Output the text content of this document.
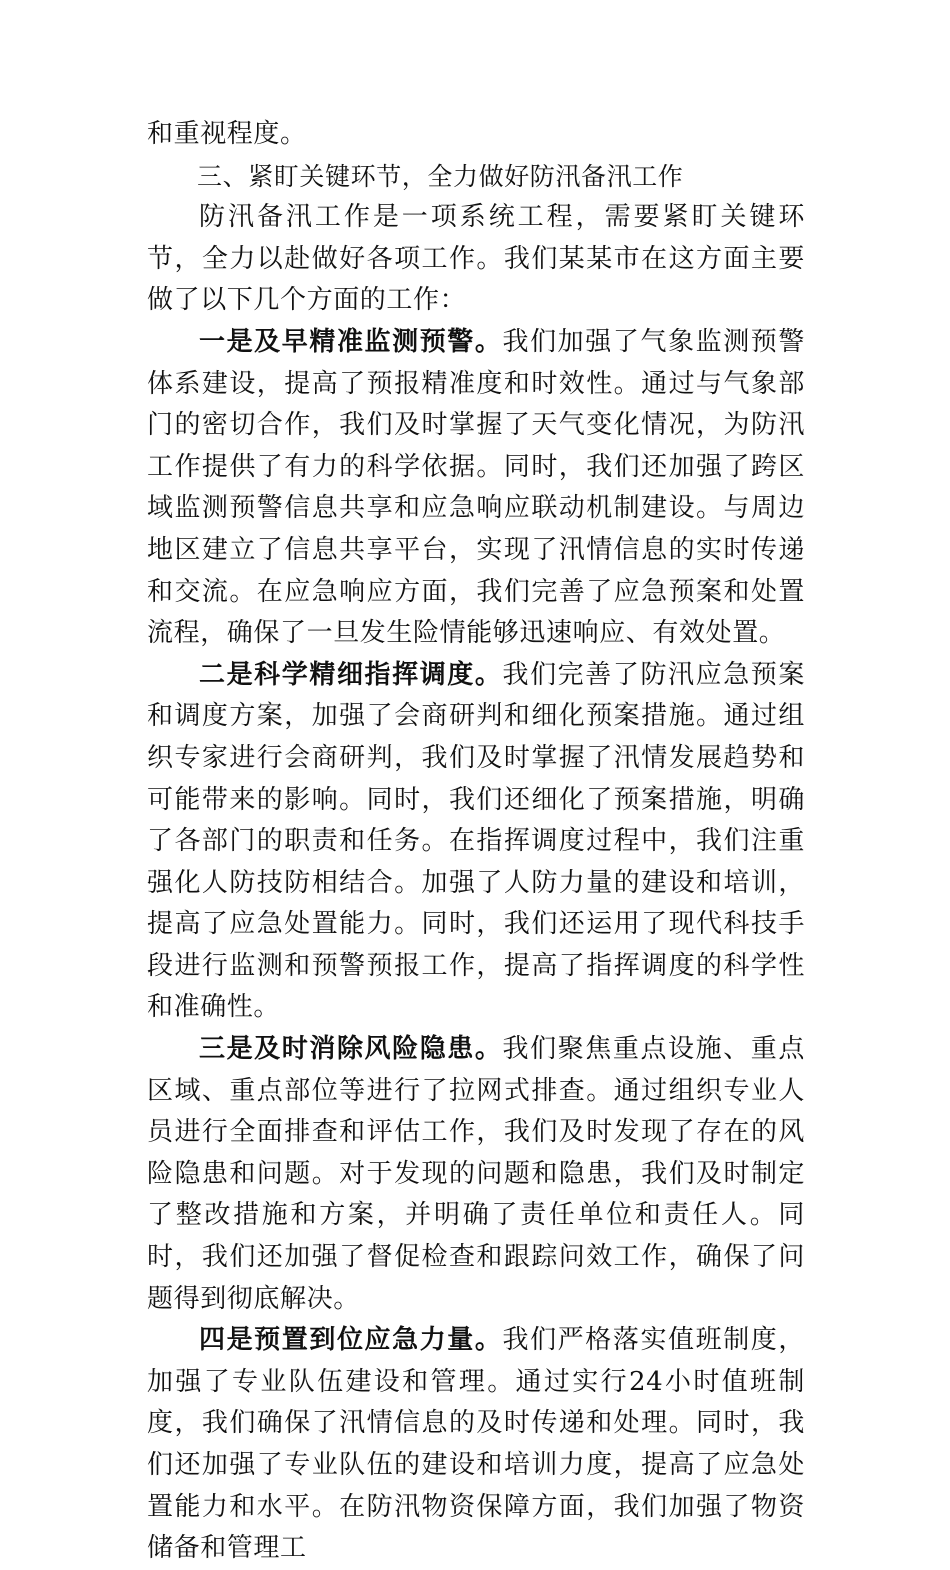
和重视程度。

三、紧盯关键环节，全力做好防汛备汛工作

防汛备汛工作是一项系统工程，需要紧盯关键环节，全力以赴做好各项工作。我们某某市在这方面主要做了以下几个方面的工作：

一是及早精准监测预警。我们加强了气象监测预警体系建设，提高了预报精准度和时效性。通过与气象部门的密切合作，我们及时掌握了天气变化情况，为防汛工作提供了有力的科学依据。同时，我们还加强了跨区域监测预警信息共享和应急响应联动机制建设。与周边地区建立了信息共享平台，实现了汛情信息的实时传递和交流。在应急响应方面，我们完善了应急预案和处置流程，确保了一旦发生险情能够迅速响应、有效处置。

二是科学精细指挥调度。我们完善了防汛应急预案和调度方案，加强了会商研判和细化预案措施。通过组织专家进行会商研判，我们及时掌握了汛情发展趋势和可能带来的影响。同时，我们还细化了预案措施，明确了各部门的职责和任务。在指挥调度过程中，我们注重强化人防技防相结合。加强了人防力量的建设和培训，提高了应急处置能力。同时，我们还运用了现代科技手段进行监测和预警预报工作，提高了指挥调度的科学性和准确性。

三是及时消除风险隐患。我们聚焦重点设施、重点区域、重点部位等进行了拉网式排查。通过组织专业人员进行全面排查和评估工作，我们及时发现了存在的风险隐患和问题。对于发现的问题和隐患，我们及时制定了整改措施和方案，并明确了责任单位和责任人。同时，我们还加强了督促检查和跟踪问效工作，确保了问题得到彻底解决。

四是预置到位应急力量。我们严格落实值班制度，加强了专业队伍建设和管理。通过实行24小时值班制度，我们确保了汛情信息的及时传递和处理。同时，我们还加强了专业队伍的建设和培训力度，提高了应急处置能力和水平。在防汛物资保障方面，我们加强了物资储备和管理工
